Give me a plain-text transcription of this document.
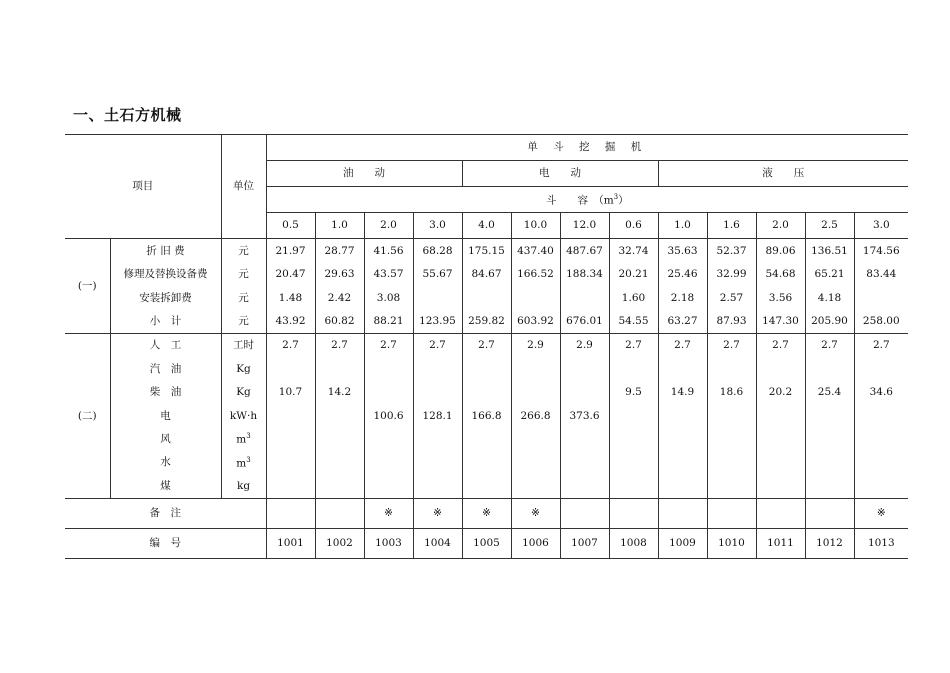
一、土石方机械
项目		单位	单 斗 挖 掘 机												
			油　　动				电　　动				液　　压				
			斗　　容　$(m^3)$												
			0.5	1.0	2.0	3.0	4.0	10.0	12.0	0.6	1.0	1.6	2.0	2.5	3.0
(一)	折 旧 费	元	21.97	28.77	41.56	68.28	175.15	437.40	487.67	32.74	35.63	52.37	89.06	136.51	174.56
	修理及替换设备费	元	20.47	29.63	43.57	55.67	84.67	166.52	188.34	20.21	25.46	32.99	54.68	65.21	83.44
	安装拆卸费	元	1.48	2.42	3.08					1.60	2.18	2.57	3.56	4.18	
	小　计	元	43.92	60.82	88.21	123.95	259.82	603.92	676.01	54.55	63.27	87.93	147.30	205.90	258.00
(二)	人　工	工时	2.7	2.7	2.7	2.7	2.7	2.9	2.9	2.7	2.7	2.7	2.7	2.7	2.7
	汽　油	Kg													
	柴　油	Kg	10.7	14.2						9.5	14.9	18.6	20.2	25.4	34.6
	电	kW·h			100.6	128.1	166.8	266.8	373.6						
	风	$m^3$													
	水	$m^3$													
	煤	kg													
备　注					※	※	※	※							※
编　号			1001	1002	1003	1004	1005	1006	1007	1008	1009	1010	1011	1012	1013
